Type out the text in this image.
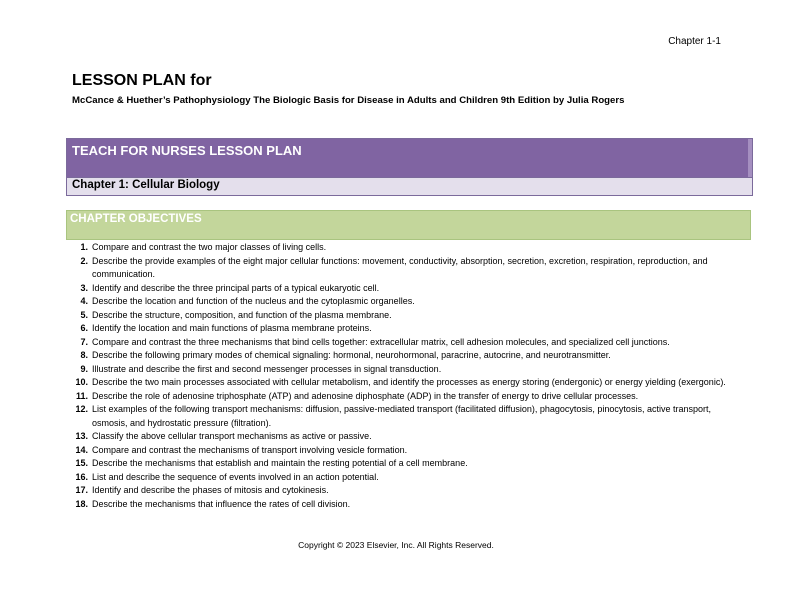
Chapter 1-1
LESSON PLAN for
McCance & Huether’s Pathophysiology The Biologic Basis for Disease in Adults and Children 9th Edition by Julia Rogers
TEACH FOR NURSES LESSON PLAN
Chapter 1: Cellular Biology
CHAPTER OBJECTIVES
1. Compare and contrast the two major classes of living cells.
2. Describe the provide examples of the eight major cellular functions: movement, conductivity, absorption, secretion, excretion, respiration, reproduction, and communication.
3. Identify and describe the three principal parts of a typical eukaryotic cell.
4. Describe the location and function of the nucleus and the cytoplasmic organelles.
5. Describe the structure, composition, and function of the plasma membrane.
6. Identify the location and main functions of plasma membrane proteins.
7. Compare and contrast the three mechanisms that bind cells together: extracellular matrix, cell adhesion molecules, and specialized cell junctions.
8. Describe the following primary modes of chemical signaling: hormonal, neurohormonal, paracrine, autocrine, and neurotransmitter.
9. Illustrate and describe the first and second messenger processes in signal transduction.
10. Describe the two main processes associated with cellular metabolism, and identify the processes as energy storing (endergonic) or energy yielding (exergonic).
11. Describe the role of adenosine triphosphate (ATP) and adenosine diphosphate (ADP) in the transfer of energy to drive cellular processes.
12. List examples of the following transport mechanisms: diffusion, passive-mediated transport (facilitated diffusion), phagocytosis, pinocytosis, active transport, osmosis, and hydrostatic pressure (filtration).
13. Classify the above cellular transport mechanisms as active or passive.
14. Compare and contrast the mechanisms of transport involving vesicle formation.
15. Describe the mechanisms that establish and maintain the resting potential of a cell membrane.
16. List and describe the sequence of events involved in an action potential.
17. Identify and describe the phases of mitosis and cytokinesis.
18. Describe the mechanisms that influence the rates of cell division.
Copyright © 2023 Elsevier, Inc. All Rights Reserved.
